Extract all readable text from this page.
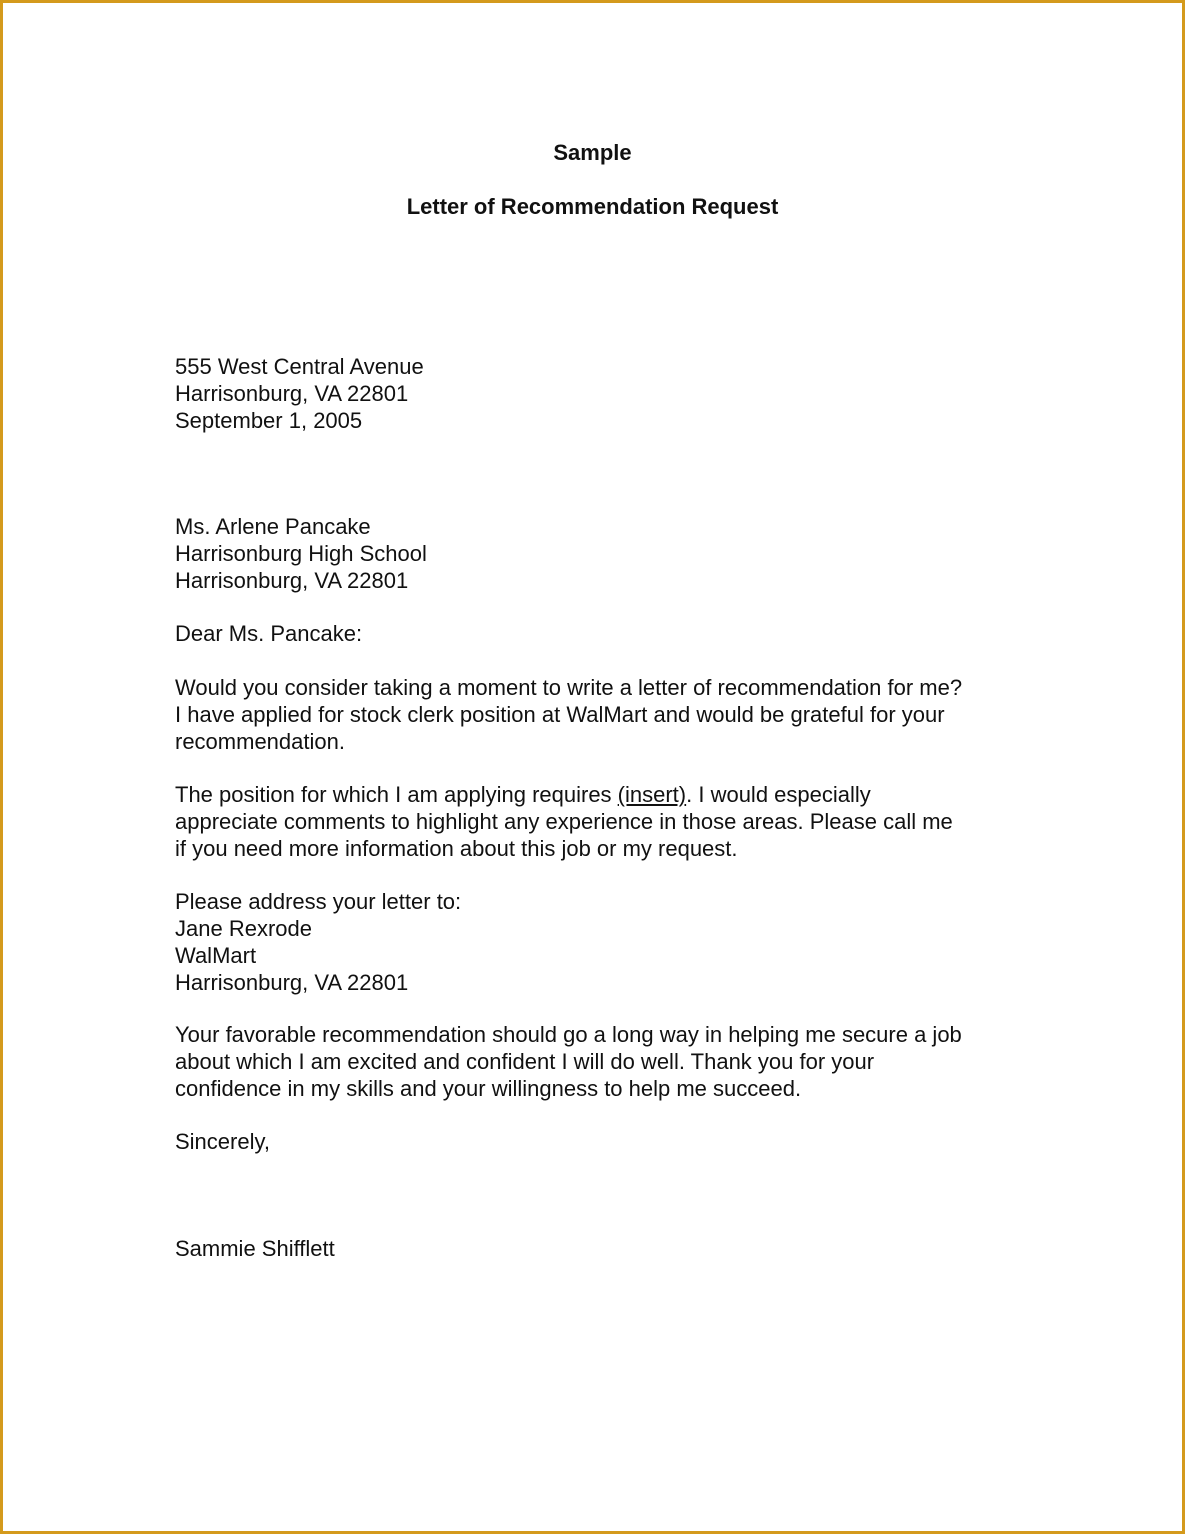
Sample
Letter of Recommendation Request
555 West Central Avenue
Harrisonburg, VA 22801
September 1, 2005
Ms. Arlene Pancake
Harrisonburg High School
Harrisonburg, VA 22801
Dear Ms. Pancake:
Would you consider taking a moment to write a letter of recommendation for me?
I have applied for stock clerk position at WalMart and would be grateful for your
recommendation.
The position for which I am applying requires (insert). I would especially
appreciate comments to highlight any experience in those areas. Please call me
if you need more information about this job or my request.
Please address your letter to:
Jane Rexrode
WalMart
Harrisonburg, VA 22801
Your favorable recommendation should go a long way in helping me secure a job
about which I am excited and confident I will do well. Thank you for your
confidence in my skills and your willingness to help me succeed.
Sincerely,
Sammie Shifflett
